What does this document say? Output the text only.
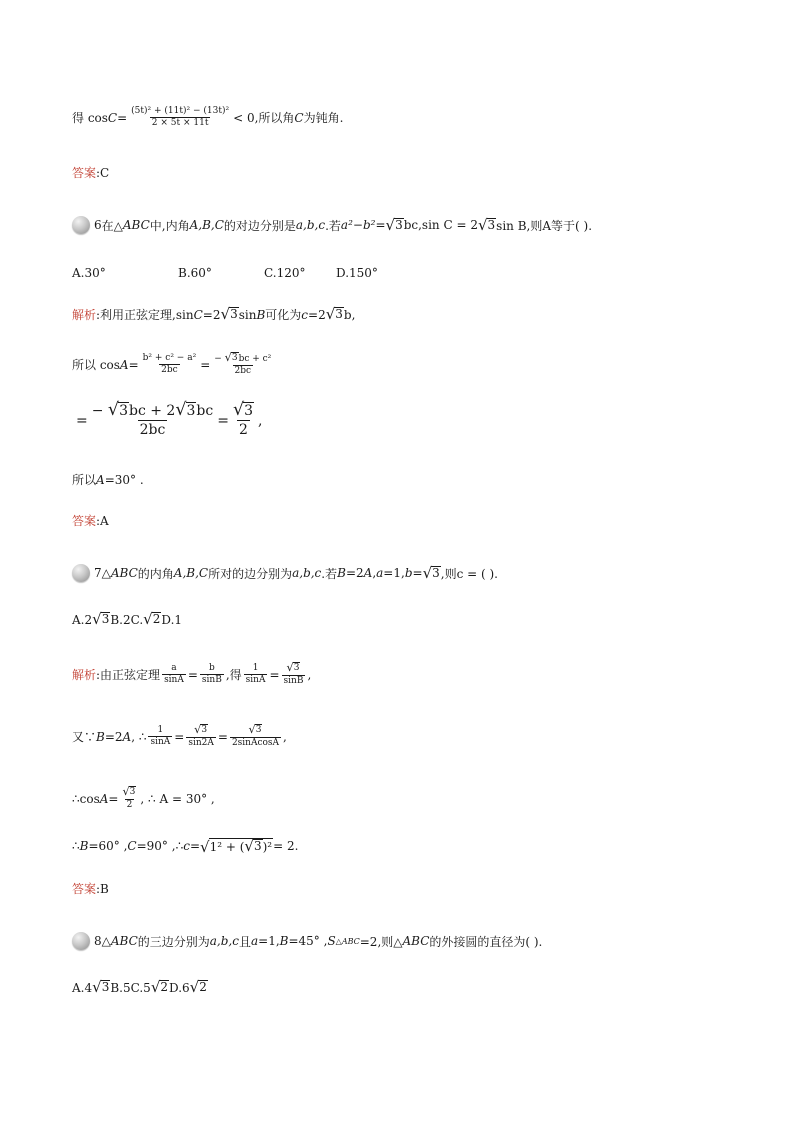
得 $\cos C = \frac{\text{(5t)² + (11t)² − (13t)²}}{2 \times 5t \times 11t} < 0$,所以角 C 为钝角.
答案 :C
6 在△ ABC 中,内角 A,B,C 的对边分别是 a,b,c .若 a²−b² = √ 3 bc,sin C = 2 √ 3 sin B,则A等于( ).
A.30°	B.60°	C.120°	D.150°
解析 :利用正弦定理,sin C =2 √ 3 sin B 可化为 c =2 √ 3 b,
所以 $\cos A = \frac{\text{b² + c² − a²}}{2bc} = \frac{\text{− √ 3 bc + c²}}{2bc}$
= $\frac{- √ 3 bc + 2 √ 3 bc}{2bc} = \frac{√ 3}{2}$ ,
所以 A =30° .
答案 :A
7 △ ABC 的内角 A,B,C 所对的边分别为 a,b,c .若 B =2 A , a =1, b = √ 3 ,则c = ( ).
A.2 √ 3 B.2C. √ 2 D.1
解析 :由正弦定理 $\frac{a}{\sin A} = \frac{b}{\sin B}$ ,得 $\frac{1}{\sin A} = \frac{√ 3}{\sin B}$ ,
又∵ B =2 A , ∴ $\frac{1}{\sin A} = \frac{√ 3}{\sin 2A} = \frac{√ 3}{\text{2sinAcosA}}$ ,
∴cos $A = \frac{√ 3}{2}$ , ∴ A = 30° ,
∴ B =60° , C =90° ,∴ c = √ 1² + ( √ 3 )² = 2.
答案 :B
8 △ ABC 的三边分别为 a,b,c 且 a =1, B =45° , S △ABC =2,则△ ABC 的外接圆的直径为( ).
A.4 √ 3 B.5C.5 √ 2 D.6 √ 2
